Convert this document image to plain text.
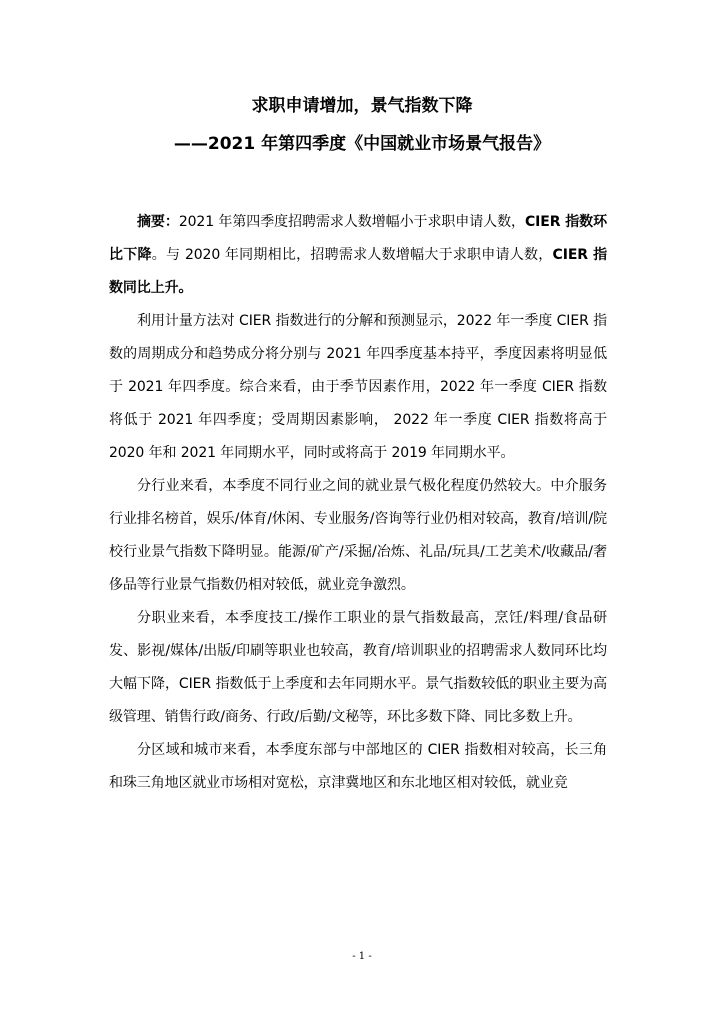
求职申请增加，景气指数下降
——2021 年第四季度《中国就业市场景气报告》

摘要：2021 年第四季度招聘需求人数增幅小于求职申请人数，CIER 指数环比下降。与 2020 年同期相比，招聘需求人数增幅大于求职申请人数，CIER 指数同比上升。

利用计量方法对 CIER 指数进行的分解和预测显示，2022 年一季度 CIER 指数的周期成分和趋势成分将分别与 2021 年四季度基本持平，季度因素将明显低于 2021 年四季度。综合来看，由于季节因素作用，2022 年一季度 CIER 指数将低于 2021 年四季度；受周期因素影响， 2022 年一季度 CIER 指数将高于 2020 年和 2021 年同期水平，同时或将高于 2019 年同期水平。

分行业来看，本季度不同行业之间的就业景气极化程度仍然较大。中介服务行业排名榜首，娱乐/体育/休闲、专业服务/咨询等行业仍相对较高，教育/培训/院校行业景气指数下降明显。能源/矿产/采掘/冶炼、礼品/玩具/工艺美术/收藏品/奢侈品等行业景气指数仍相对较低，就业竞争激烈。

分职业来看，本季度技工/操作工职业的景气指数最高，烹饪/料理/食品研发、影视/媒体/出版/印刷等职业也较高，教育/培训职业的招聘需求人数同环比均大幅下降，CIER 指数低于上季度和去年同期水平。景气指数较低的职业主要为高级管理、销售行政/商务、行政/后勤/文秘等，环比多数下降、同比多数上升。

分区域和城市来看，本季度东部与中部地区的 CIER 指数相对较高，长三角和珠三角地区就业市场相对宽松，京津冀地区和东北地区相对较低，就业竞

- 1 -
